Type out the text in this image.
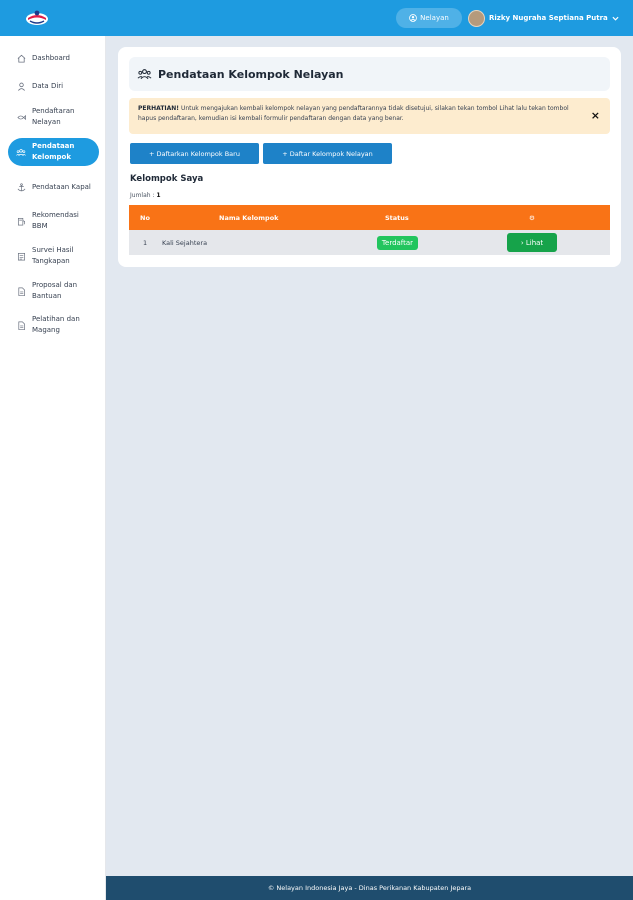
Nelayan	Rizky Nugraha Septiana Putra
Dashboard
Data Diri
Pendaftaran Nelayan
Pendataan Kelompok
Pendataan Kapal
Rekomendasi BBM
Survei Hasil Tangkapan
Proposal dan Bantuan
Pelatihan dan Magang
Pendataan Kelompok Nelayan
PERHATIAN! Untuk mengajukan kembali kelompok nelayan yang pendaftarannya tidak disetujui, silakan tekan tombol Lihat lalu tekan tombol hapus pendaftaran, kemudian isi kembali formulir pendaftaran dengan data yang benar.	×
+ Daftarkan Kelompok Baru	+ Daftar Kelompok Nelayan
Kelompok Saya
Jumlah : 1
No	Nama Kelompok	Status	⚙
1 Kali Sejahtera	Terdaftar	› Lihat
© Nelayan Indonesia Jaya - Dinas Perikanan Kabupaten Jepara
